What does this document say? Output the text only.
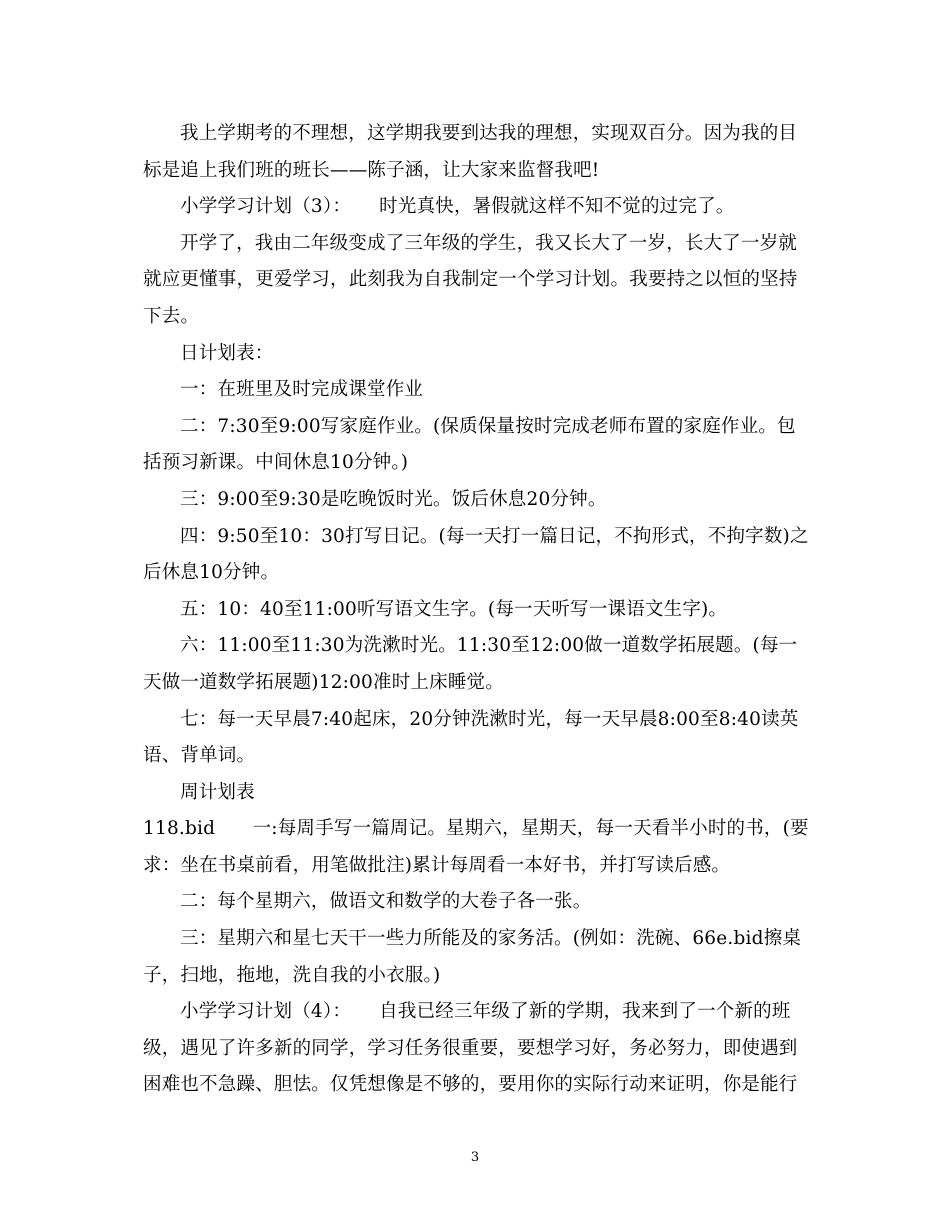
我上学期考的不理想，这学期我要到达我的理想，实现双百分。因为我的目标是追上我们班的班长——陈子涵，让大家来监督我吧!

小学学习计划（3）：　　时光真快，暑假就这样不知不觉的过完了。

开学了，我由二年级变成了三年级的学生，我又长大了一岁，长大了一岁就就应更懂事，更爱学习，此刻我为自我制定一个学习计划。我要持之以恒的坚持下去。

日计划表：

一：在班里及时完成课堂作业

二：7:30至9:00写家庭作业。(保质保量按时完成老师布置的家庭作业。包括预习新课。中间休息10分钟。)

三：9:00至9:30是吃晚饭时光。饭后休息20分钟。

四：9:50至10：30打写日记。(每一天打一篇日记，不拘形式，不拘字数)之后休息10分钟。

五：10：40至11:00听写语文生字。(每一天听写一课语文生字)。

六：11:00至11:30为洗漱时光。11:30至12:00做一道数学拓展题。(每一天做一道数学拓展题)12:00准时上床睡觉。

七：每一天早晨7:40起床，20分钟洗漱时光，每一天早晨8:00至8:40读英语、背单词。

周计划表

118.bid　　一:每周手写一篇周记。星期六，星期天，每一天看半小时的书，(要求：坐在书桌前看，用笔做批注)累计每周看一本好书，并打写读后感。

二：每个星期六，做语文和数学的大卷子各一张。

三：星期六和星七天干一些力所能及的家务活。(例如：洗碗、66e.bid擦桌子，扫地，拖地，洗自我的小衣服。)

小学学习计划（4）：　　自我已经三年级了新的学期，我来到了一个新的班级，遇见了许多新的同学，学习任务很重要，要想学习好，务必努力，即使遇到困难也不急躁、胆怯。仅凭想像是不够的，要用你的实际行动来证明，你是能行

3
